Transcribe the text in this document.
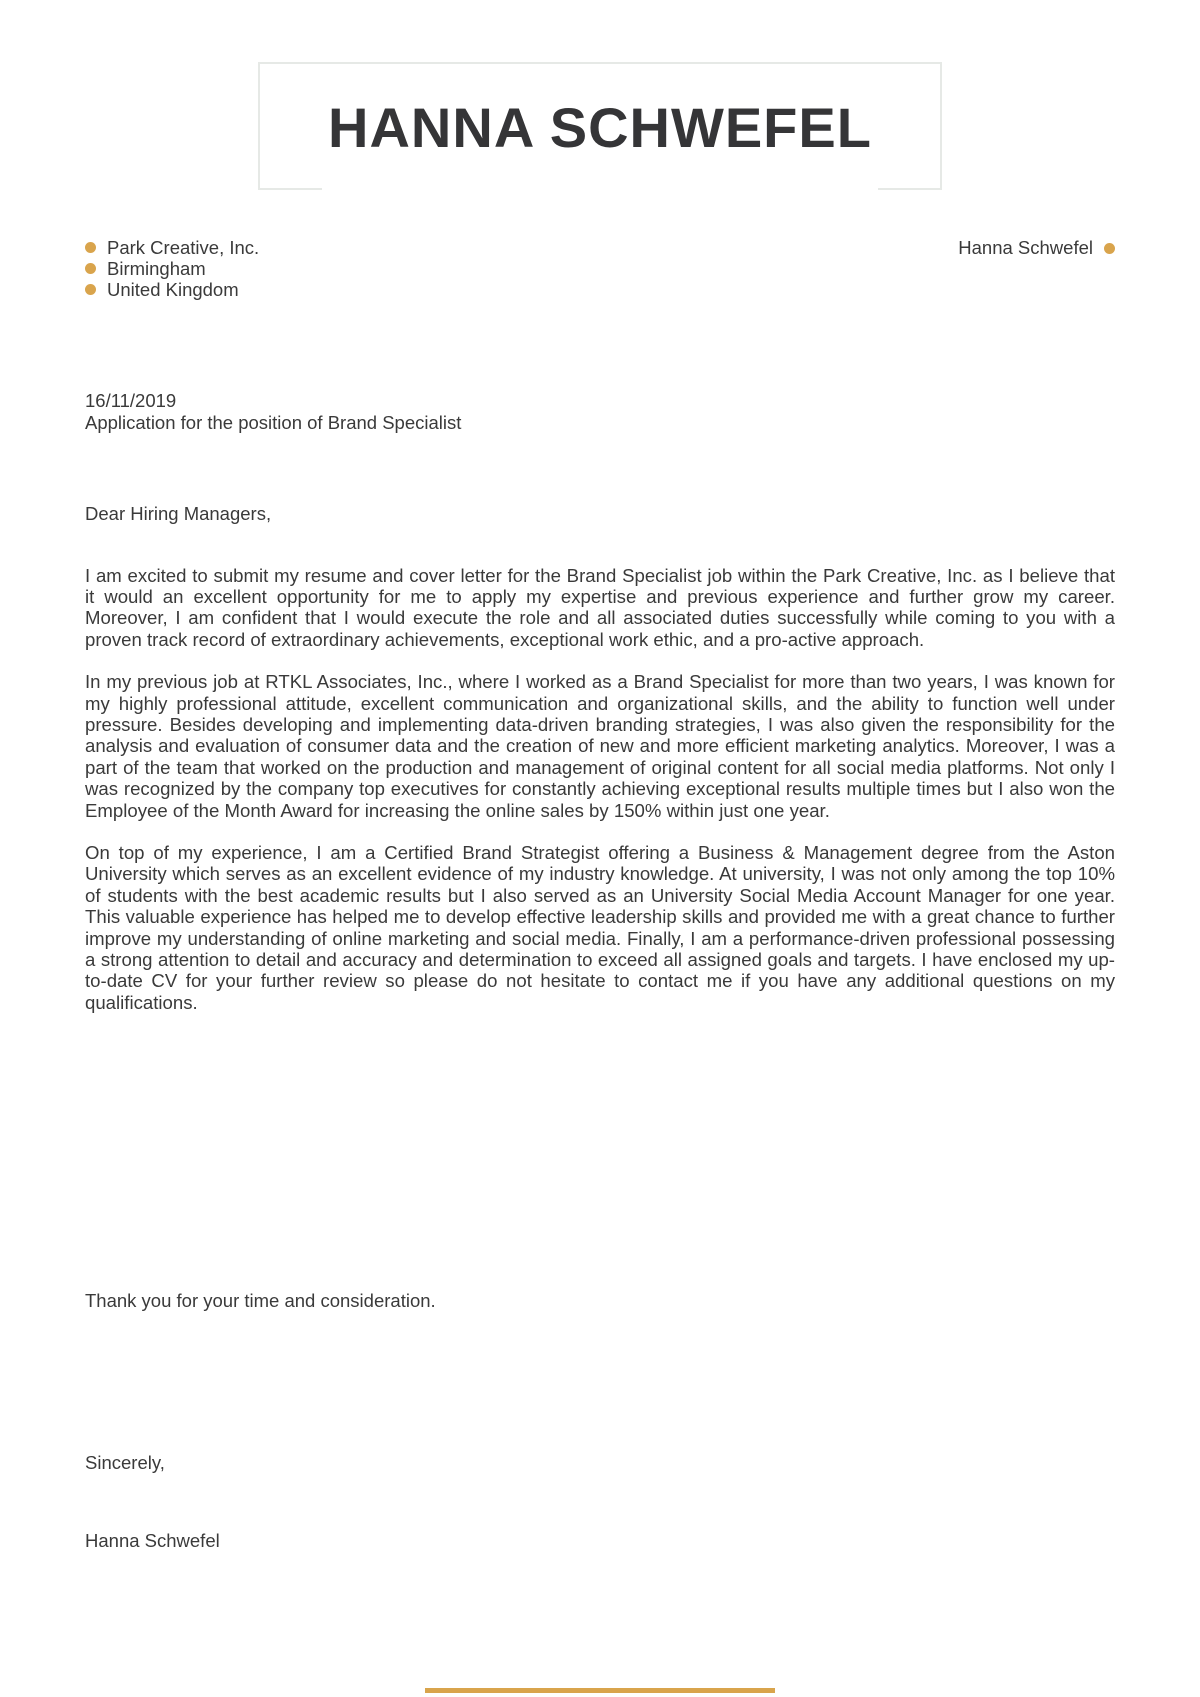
HANNA SCHWEFEL
Park Creative, Inc.
Birmingham
United Kingdom
Hanna Schwefel
16/11/2019
Application for the position of Brand Specialist
Dear Hiring Managers,

I am excited to submit my resume and cover letter for the Brand Specialist job within the Park Creative, Inc. as I believe that it would an excellent opportunity for me to apply my expertise and previous experience and further grow my career. Moreover, I am confident that I would execute the role and all associated duties successfully while coming to you with a proven track record of extraordinary achievements, exceptional work ethic, and a pro-active approach.

In my previous job at RTKL Associates, Inc., where I worked as a Brand Specialist for more than two years, I was known for my highly professional attitude, excellent communication and organizational skills, and the ability to function well under pressure. Besides developing and implementing data-driven branding strategies, I was also given the responsibility for the analysis and evaluation of consumer data and the creation of new and more efficient marketing analytics. Moreover, I was a part of the team that worked on the production and management of original content for all social media platforms. Not only I was recognized by the company top executives for constantly achieving exceptional results multiple times but I also won the Employee of the Month Award for increasing the online sales by 150% within just one year.

On top of my experience, I am a Certified Brand Strategist offering a Business & Management degree from the Aston University which serves as an excellent evidence of my industry knowledge. At university, I was not only among the top 10% of students with the best academic results but I also served as an University Social Media Account Manager for one year. This valuable experience has helped me to develop effective leadership skills and provided me with a great chance to further improve my understanding of online marketing and social media. Finally, I am a performance-driven professional possessing a strong attention to detail and accuracy and determination to exceed all assigned goals and targets. I have enclosed my up-to-date CV for your further review so please do not hesitate to contact me if you have any additional questions on my qualifications.

Thank you for your time and consideration.
Sincerely,
Hanna Schwefel
